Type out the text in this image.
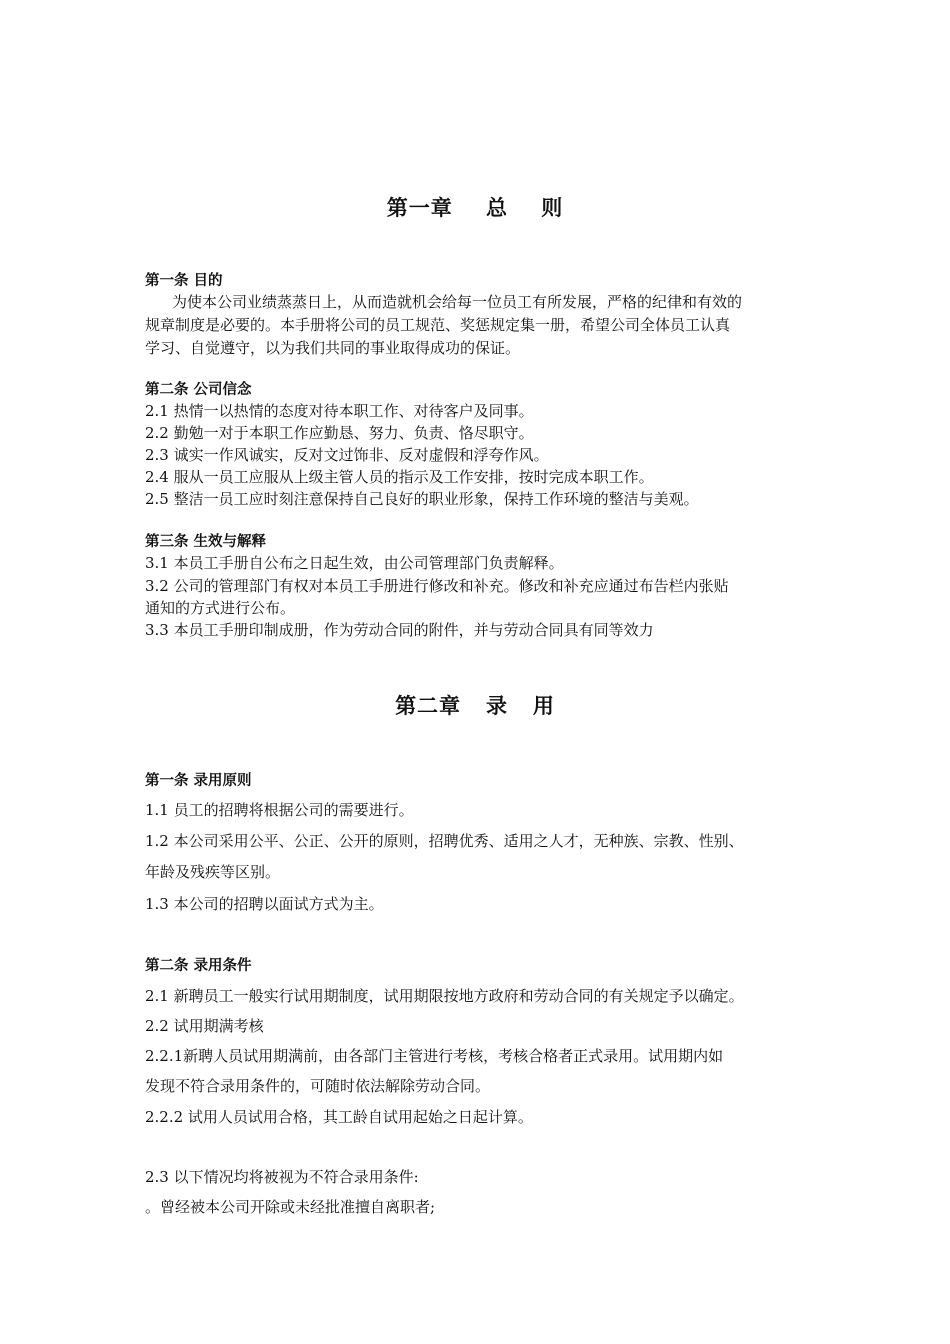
第一章    总    则
第一条 目的
为使本公司业绩蒸蒸日上，从而造就机会给每一位员工有所发展，严格的纪律和有效的
规章制度是必要的。本手册将公司的员工规范、奖惩规定集一册，希望公司全体员工认真
学习、自觉遵守，以为我们共同的事业取得成功的保证。
第二条 公司信念
2.1 热情一以热情的态度对待本职工作、对待客户及同事。
2.2 勤勉一对于本职工作应勤恳、努力、负责、恪尽职守。
2.3 诚实一作风诚实，反对文过饰非、反对虚假和浮夸作风。
2.4 服从一员工应服从上级主管人员的指示及工作安排，按时完成本职工作。
2.5 整洁一员工应时刻注意保持自己良好的职业形象，保持工作环境的整洁与美观。
第三条 生效与解释
3.1 本员工手册自公布之日起生效，由公司管理部门负责解释。
3.2 公司的管理部门有权对本员工手册进行修改和补充。修改和补充应通过布告栏内张贴
通知的方式进行公布。
3.3 本员工手册印制成册，作为劳动合同的附件，并与劳动合同具有同等效力
第二章   录   用
第一条 录用原则
1.1 员工的招聘将根据公司的需要进行。
1.2 本公司采用公平、公正、公开的原则，招聘优秀、适用之人才，无种族、宗教、性别、
年龄及残疾等区别。
1.3 本公司的招聘以面试方式为主。
第二条 录用条件
2.1 新聘员工一般实行试用期制度，试用期限按地方政府和劳动合同的有关规定予以确定。
2.2 试用期满考核
2.2.1新聘人员试用期满前，由各部门主管进行考核，考核合格者正式录用。试用期内如
发现不符合录用条件的，可随时依法解除劳动合同。
2.2.2 试用人员试用合格，其工龄自试用起始之日起计算。
2.3 以下情况均将被视为不符合录用条件:
。曾经被本公司开除或未经批准擅自离职者;
